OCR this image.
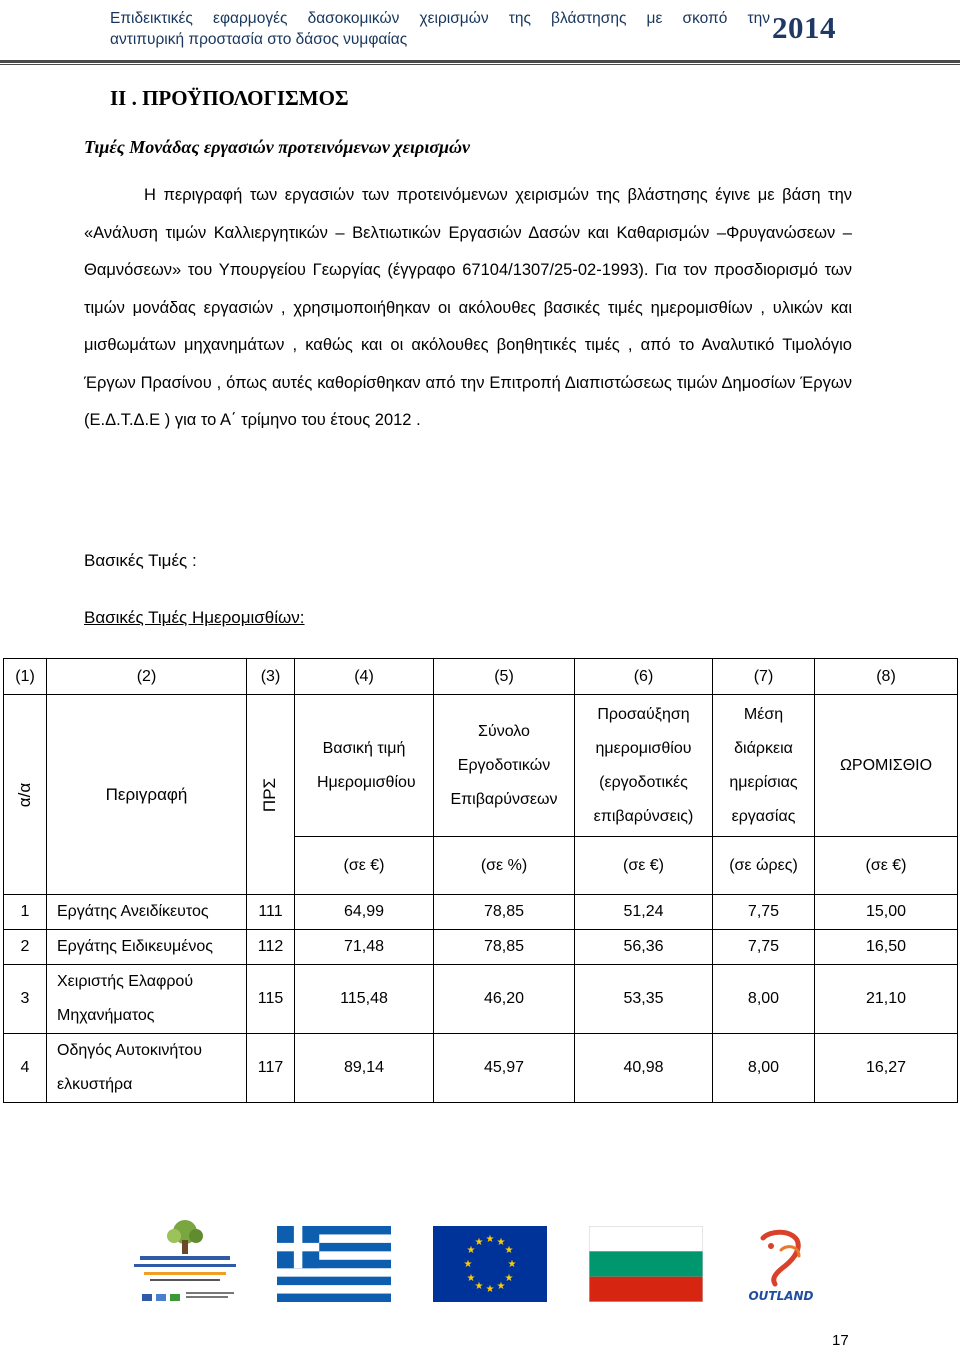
Επιδεικτικές εφαρμογές δασοκομικών χειρισμών της βλάστησης με σκοπό την
αντιπυρική προστασία στο δάσος νυμφαίας	2014
ΙΙ . ΠΡΟΫΠΟΛΟΓΙΣΜΟΣ
Τιμές Μονάδας εργασιών προτεινόμενων χειρισμών
Η περιγραφή των εργασιών των προτεινόμενων χειρισμών της βλάστησης έγινε με βάση την «Ανάλυση τιμών Καλλιεργητικών – Βελτιωτικών Εργασιών Δασών και Καθαρισμών –Φρυγανώσεων – Θαμνόσεων» του Υπουργείου Γεωργίας (έγγραφο 67104/1307/25-02-1993). Για τον προσδιορισμό των τιμών μονάδας εργασιών , χρησιμοποιήθηκαν οι ακόλουθες βασικές τιμές ημερομισθίων , υλικών και μισθωμάτων μηχανημάτων , καθώς και οι ακόλουθες βοηθητικές τιμές , από το Αναλυτικό Τιμολόγιο Έργων Πρασίνου , όπως αυτές καθορίσθηκαν από την Επιτροπή Διαπιστώσεως τιμών Δημοσίων Έργων (Ε.Δ.Τ.Δ.Ε ) για το Α΄ τρίμηνο του έτους 2012 .
Βασικές Τιμές :
Βασικές Τιμές Ημερομισθίων:
(1)	(2)	(3)	(4)	(5)	(6)	(7)	(8)
α/α	Περιγραφή	ΠΡΣ	Βασική τιμή Ημερομισθίου	Σύνολο Εργοδοτικών Επιβαρύνσεων	Προσαύξηση ημερομισθίου (εργοδοτικές επιβαρύνσεις)	Μέση διάρκεια ημερίσιας εργασίας	ΩΡΟΜΙΣΘΙΟ
			(σε €)	(σε %)	(σε €)	(σε ώρες)	(σε €)
1	Εργάτης Ανειδίκευτος	111	64,99	78,85	51,24	7,75	15,00
2	Εργάτης Ειδικευμένος	112	71,48	78,85	56,36	7,75	16,50
3	Χειριστής Ελαφρού Μηχανήματος	115	115,48	46,20	53,35	8,00	21,10
4	Οδηγός Αυτοκινήτου ελκυστήρα	117	89,14	45,97	40,98	8,00	16,27
★ ★
★
★
★
★
★
★
★
★
★
★
OUTLAND
17
